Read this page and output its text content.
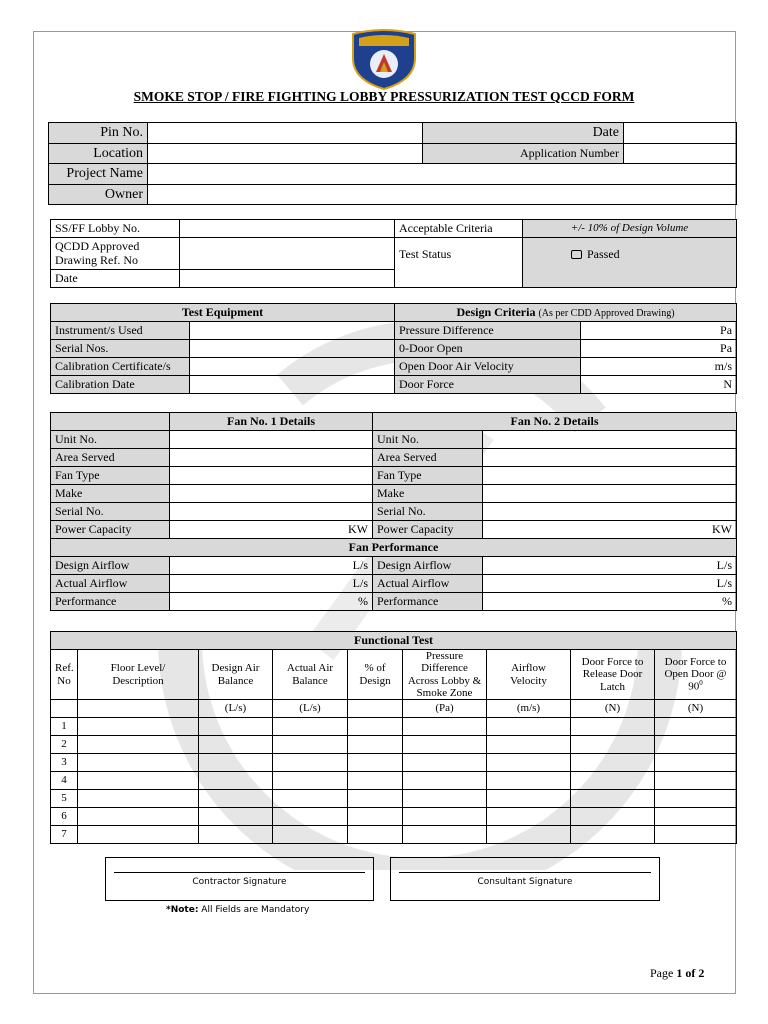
SMOKE STOP / FIRE FIGHTING LOBBY PRESSURIZATION TEST QCCD FORM
Pin No.		Date	
Location		Application Number	
Project Name			
Owner			
SS/FF Lobby No.		Acceptable Criteria	+/- 10% of Design Volume
QCDD Approved Drawing Ref. No		Test Status	Passed
Date			
Test Equipment		Design Criteria (As per CDD Approved Drawing)	
Instrument/s Used		Pressure Difference	Pa
Serial Nos.		0-Door Open	Pa
Calibration Certificate/s		Open Door Air Velocity	m/s
Calibration Date		Door Force	N
	Fan No. 1 Details	Fan No. 2 Details	
Unit No.		Unit No.	
Area Served		Area Served	
Fan Type		Fan Type	
Make		Make	
Serial No.		Serial No.	
Power Capacity	KW	Power Capacity	KW
Fan Performance			
Design Airflow	L/s	Design Airflow	L/s
Actual Airflow	L/s	Actual Airflow	L/s
Performance	%	Performance	%
Functional Test								
Ref. No	Floor Level/ Description	Design Air Balance	Actual Air Balance	% of Design	Pressure Difference Across Lobby & Smoke Zone	Airflow Velocity	Door Force to Release Door Latch	Door Force to Open Door @ $90^0$
		(L/s)	(L/s)		(Pa)	(m/s)	(N)	(N)
1								
2								
3								
4								
5								
6								
7								
Contractor Signature	Consultant Signature
*Note: All Fields are Mandatory
Page 1 of 2
